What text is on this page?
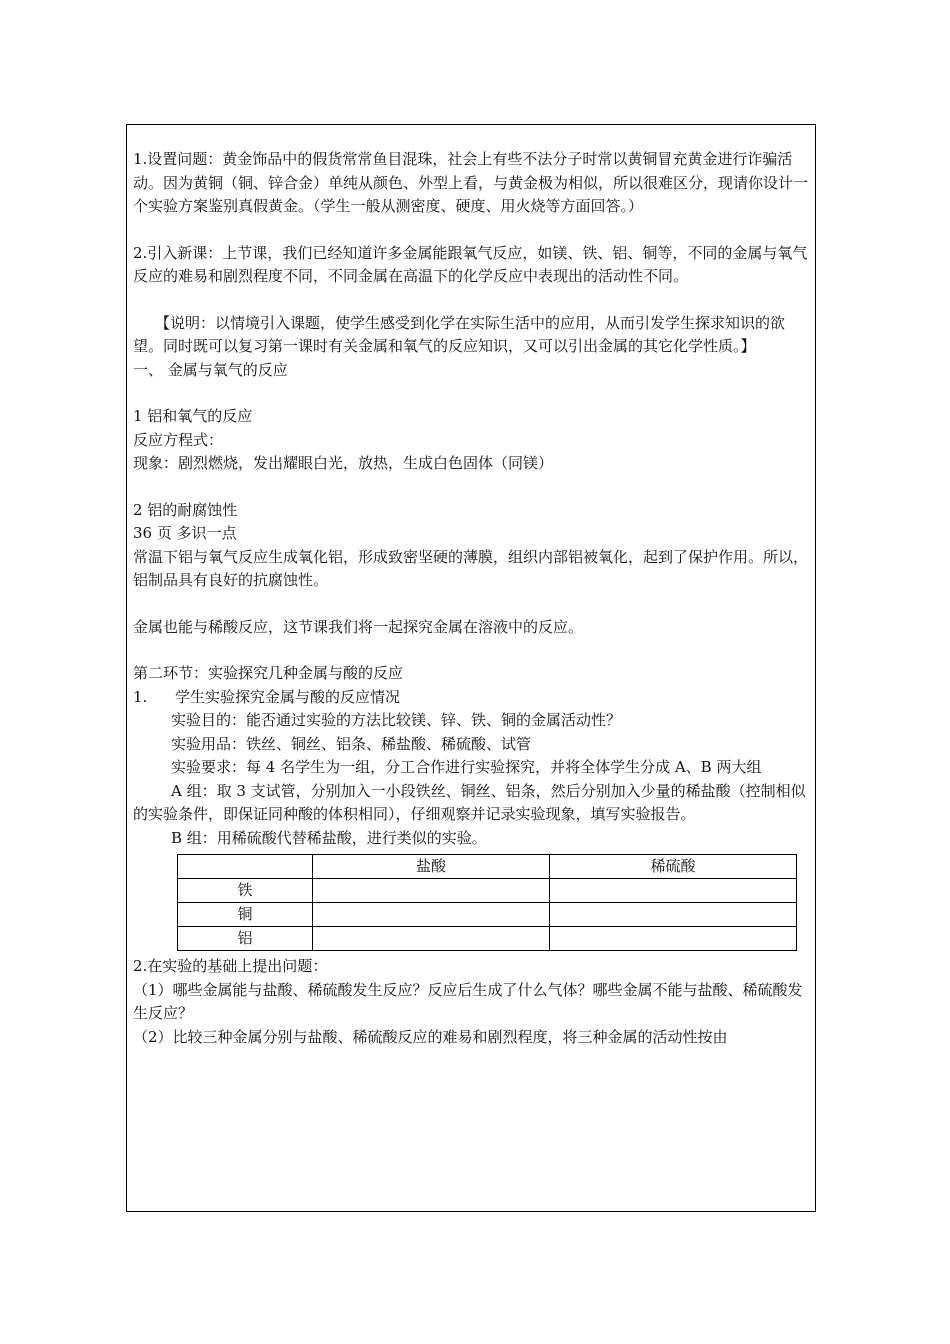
1.设置问题：黄金饰品中的假货常常鱼目混珠，社会上有些不法分子时常以黄铜冒充黄金进行诈骗活动。因为黄铜（铜、锌合金）单纯从颜色、外型上看，与黄金极为相似，所以很难区分，现请你设计一个实验方案鉴别真假黄金。（学生一般从测密度、硬度、用火烧等方面回答。）

2.引入新课：上节课，我们已经知道许多金属能跟氧气反应，如镁、铁、铝、铜等，不同的金属与氧气反应的难易和剧烈程度不同，不同金属在高温下的化学反应中表现出的活动性不同。

【说明：以情境引入课题，使学生感受到化学在实际生活中的应用，从而引发学生探求知识的欲望。同时既可以复习第一课时有关金属和氧气的反应知识，又可以引出金属的其它化学性质。】

一、 金属与氧气的反应

1 铝和氧气的反应

反应方程式：

现象：剧烈燃烧，发出耀眼白光，放热，生成白色固体（同镁）

2 铝的耐腐蚀性

36 页 多识一点

常温下铝与氧气反应生成氧化铝，形成致密坚硬的薄膜，组织内部铝被氧化，起到了保护作用。所以，铝制品具有良好的抗腐蚀性。

金属也能与稀酸反应，这节课我们将一起探究金属在溶液中的反应。

第二环节：实验探究几种金属与酸的反应

1.	学生实验探究金属与酸的反应情况

实验目的：能否通过实验的方法比较镁、锌、铁、铜的金属活动性？

实验用品：铁丝、铜丝、铝条、稀盐酸、稀硫酸、试管

实验要求：每 4 名学生为一组，分工合作进行实验探究，并将全体学生分成 A、B 两大组

A 组：取 3 支试管，分别加入一小段铁丝、铜丝、铝条，然后分别加入少量的稀盐酸（控制相似的实验条件，即保证同种酸的体积相同），仔细观察并记录实验现象，填写实验报告。

B 组：用稀硫酸代替稀盐酸，进行类似的实验。

	盐酸	稀硫酸
铁		
铜		
铝		

2.在实验的基础上提出问题：

（1）哪些金属能与盐酸、稀硫酸发生反应？反应后生成了什么气体？哪些金属不能与盐酸、稀硫酸发生反应？

（2）比较三种金属分别与盐酸、稀硫酸反应的难易和剧烈程度，将三种金属的活动性按由
